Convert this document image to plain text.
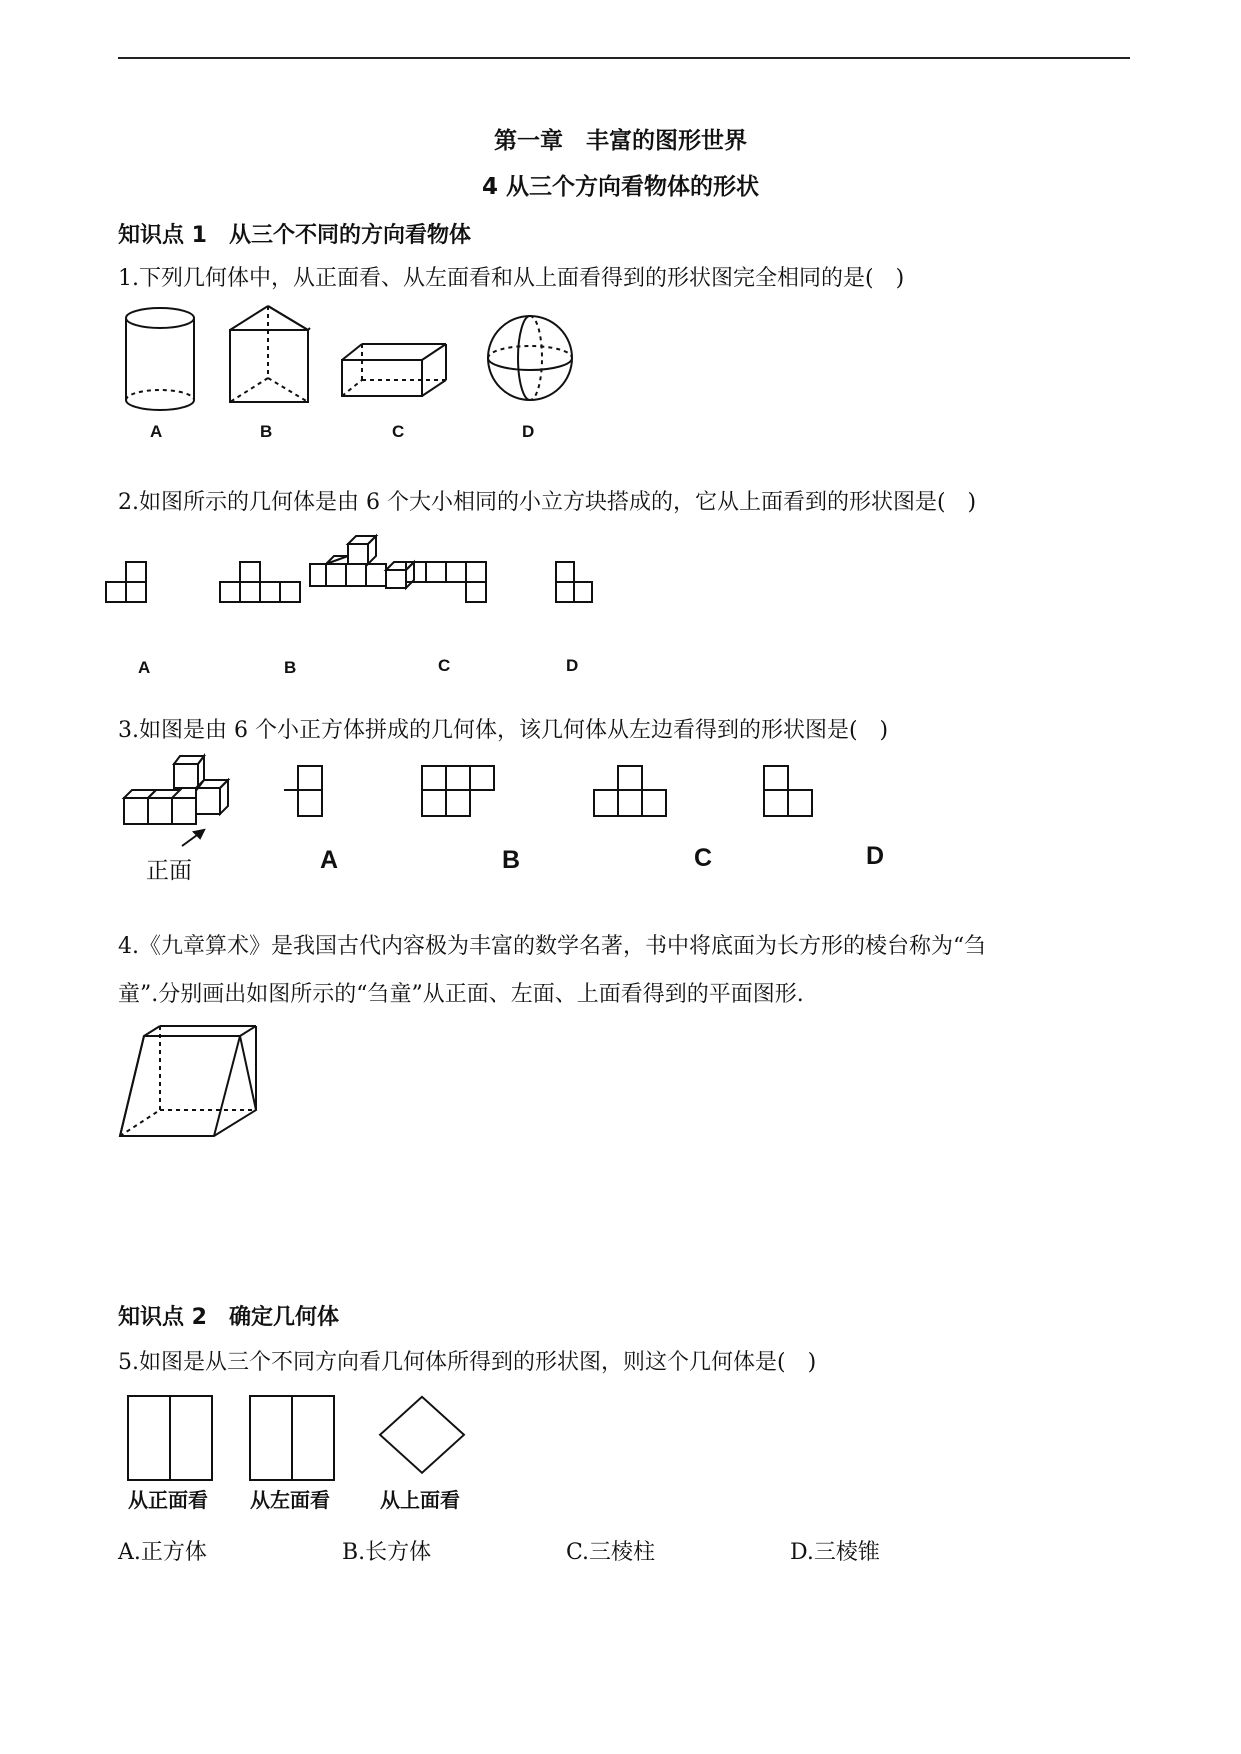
第一章　丰富的图形世界
4 从三个方向看物体的形状
知识点 1　从三个不同的方向看物体
1.下列几何体中，从正面看、从左面看和从上面看得到的形状图完全相同的是(　)
A	B	C	D
2.如图所示的几何体是由 6 个大小相同的小立方块搭成的，它从上面看到的形状图是(　)
A	B	C	D
3.如图是由 6 个小正方体拼成的几何体，该几何体从左边看得到的形状图是(　)
正面	A	B	C	D
4.《九章算术》是我国古代内容极为丰富的数学名著，书中将底面为长方形的棱台称为“刍
童”.分别画出如图所示的“刍童”从正面、左面、上面看得到的平面图形.
知识点 2　确定几何体
5.如图是从三个不同方向看几何体所得到的形状图，则这个几何体是(　)
从正面看 从左面看	从上面看
A.正方体	B.长方体	C.三棱柱	D.三棱锥
